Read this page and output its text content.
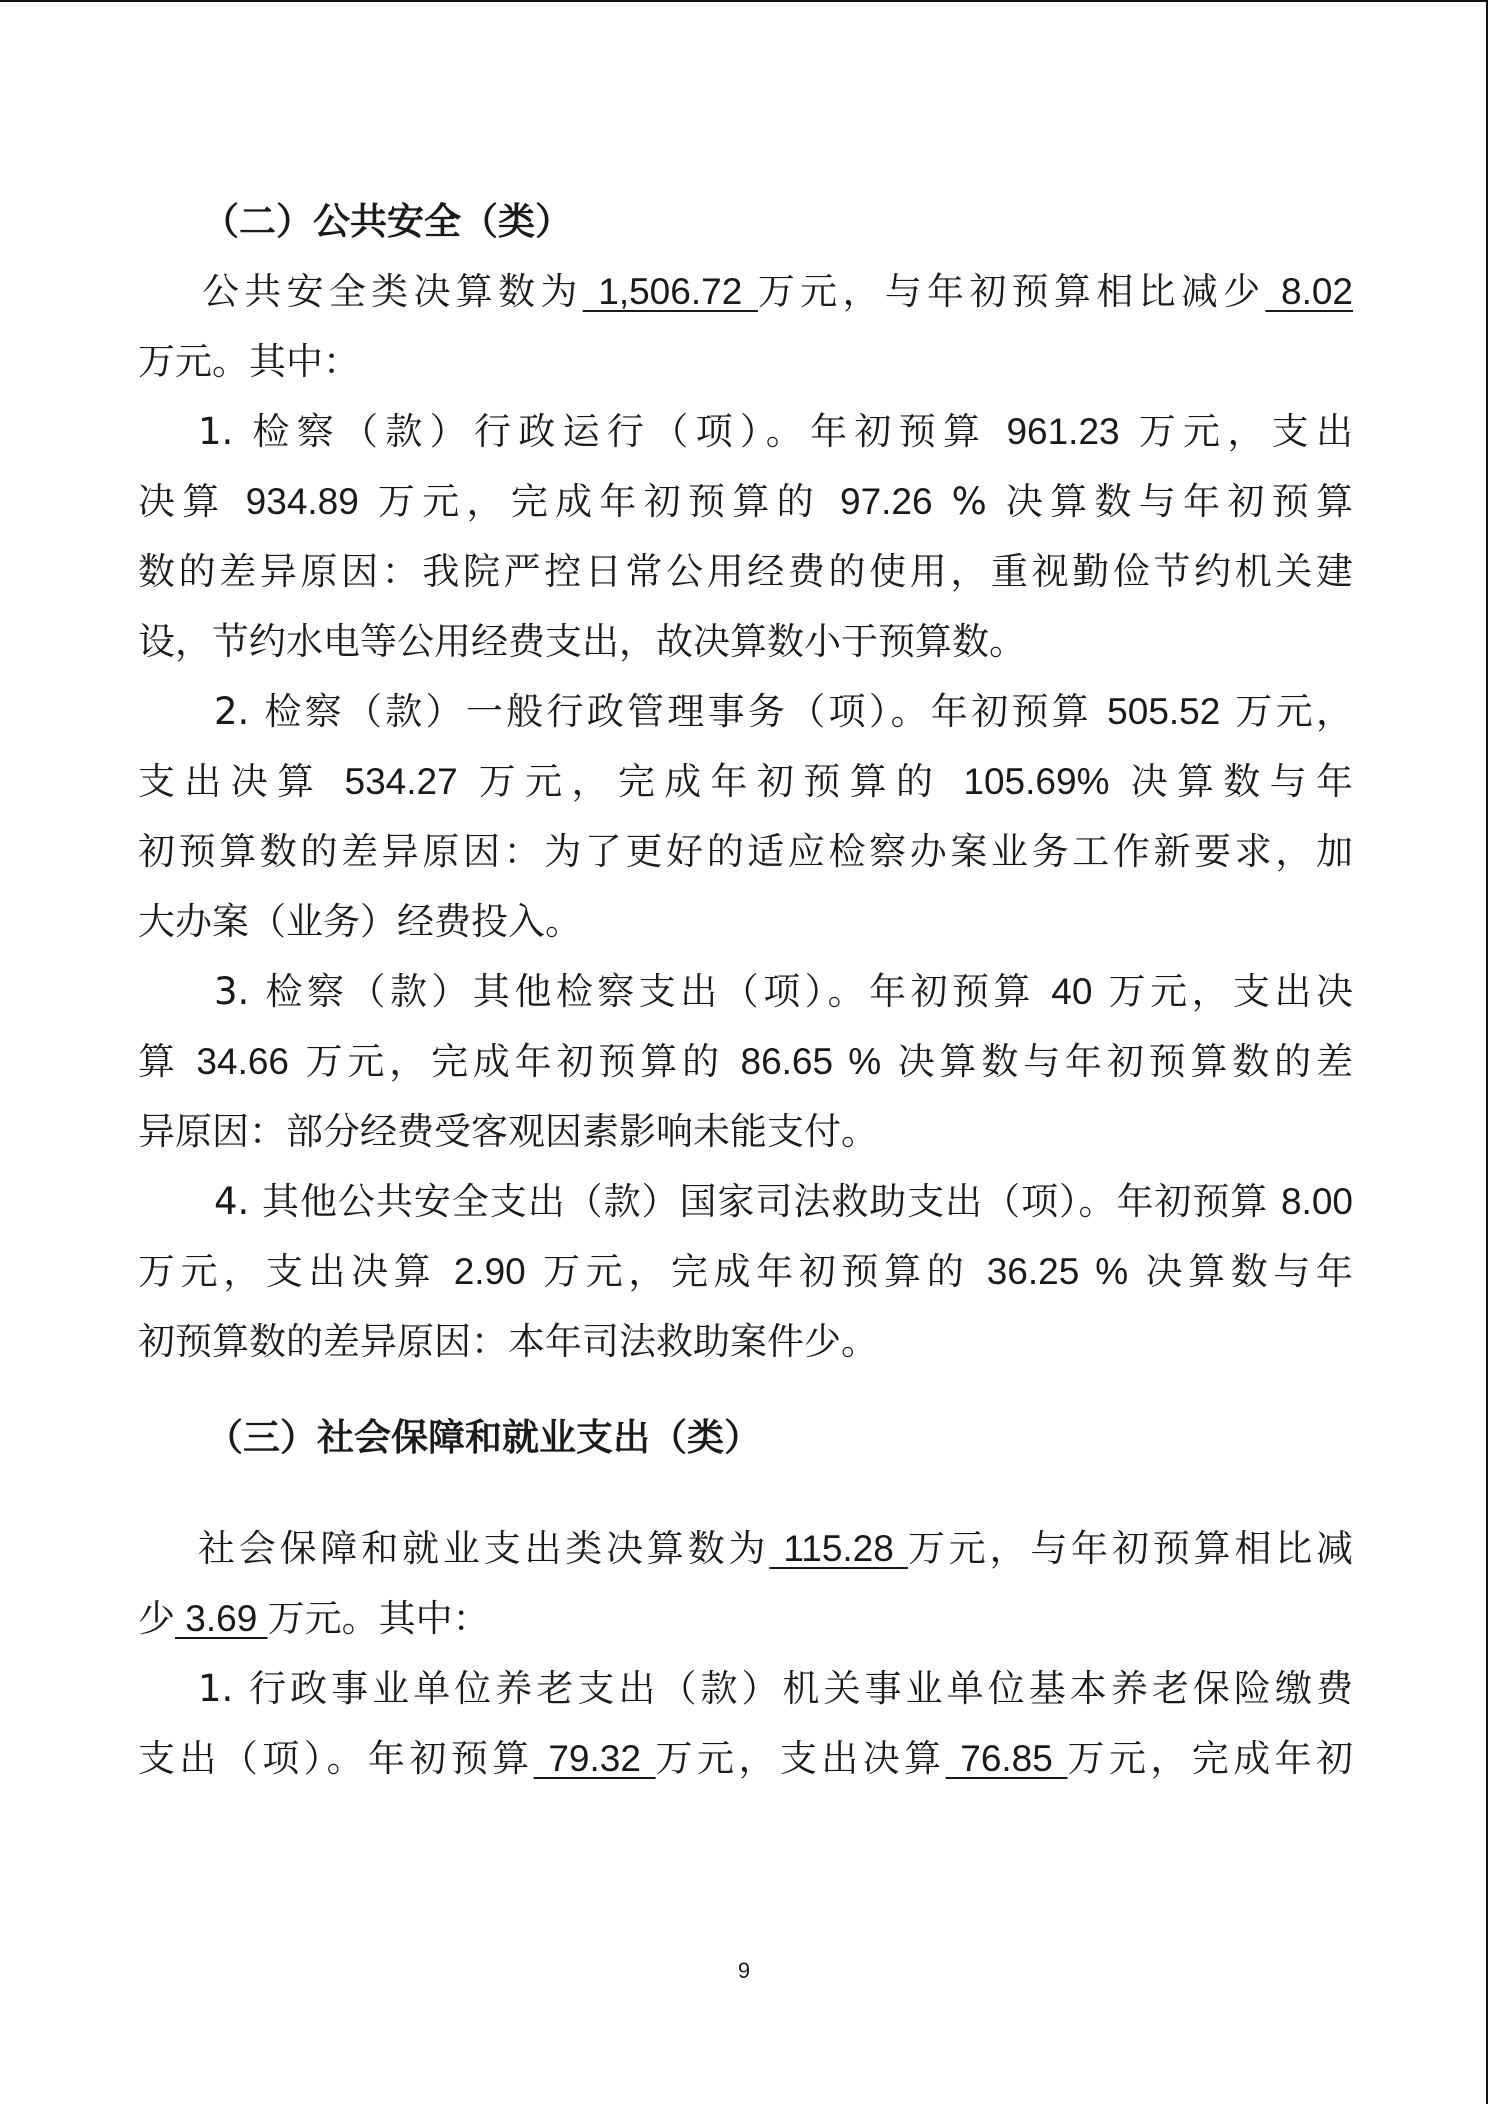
（二）公共安全（类）
公共安全类决算数为 1,506.72 万元，与年初预算相比减少 8.02
万元。其中：
1. 检察（款）行政运行（项）。年初预算 961.23 万元，支出
决算 934.89 万元，完成年初预算的 97.26 % 决算数与年初预算
数的差异原因：我院严控日常公用经费的使用，重视勤俭节约机关建
设，节约水电等公用经费支出，故决算数小于预算数。
2. 检察（款）一般行政管理事务（项）。年初预算 505.52 万元，
支出决算 534.27 万元，完成年初预算的 105.69% 决算数与年
初预算数的差异原因：为了更好的适应检察办案业务工作新要求，加
大办案（业务）经费投入。
3. 检察（款）其他检察支出（项）。年初预算 40 万元，支出决
算 34.66 万元，完成年初预算的 86.65 % 决算数与年初预算数的差
异原因：部分经费受客观因素影响未能支付。
4. 其他公共安全支出（款）国家司法救助支出（项）。年初预算 8.00
万元，支出决算 2.90 万元，完成年初预算的 36.25 % 决算数与年
初预算数的差异原因：本年司法救助案件少。
（三）社会保障和就业支出（类）
社会保障和就业支出类决算数为 115.28 万元，与年初预算相比减
少 3.69 万元。其中：
1. 行政事业单位养老支出（款）机关事业单位基本养老保险缴费
支出（项）。年初预算 79.32 万元，支出决算 76.85 万元，完成年初
9
